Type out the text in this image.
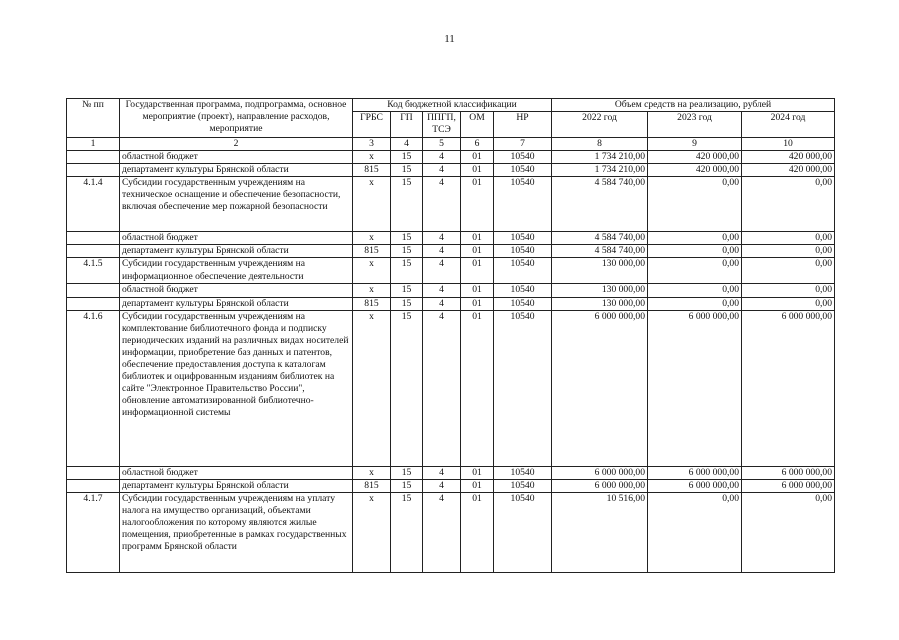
11
№ пп	Государственная программа, подпрограмма, основное мероприятие (проект), направление расходов, мероприятие	Код бюджетной классификации					Объем средств на реализацию, рублей		
		ГРБС	ГП	ППГП, ТСЭ	ОМ	НР	2022 год	2023 год	2024 год
1	2	3	4	5	6	7	8	9	10
	областной бюджет	х	15	4	01	10540	1 734 210,00	420 000,00	420 000,00
	департамент культуры Брянской области	815	15	4	01	10540	1 734 210,00	420 000,00	420 000,00
4.1.4	Субсидии государственным учреждениям на техническое оснащение и обеспечение безопасности, включая обеспечение мер пожарной безопасности	х	15	4	01	10540	4 584 740,00	0,00	0,00
	областной бюджет	х	15	4	01	10540	4 584 740,00	0,00	0,00
	департамент культуры Брянской области	815	15	4	01	10540	4 584 740,00	0,00	0,00
4.1.5	Субсидии государственным учреждениям на информационное обеспечение деятельности	х	15	4	01	10540	130 000,00	0,00	0,00
	областной бюджет	х	15	4	01	10540	130 000,00	0,00	0,00
	департамент культуры Брянской области	815	15	4	01	10540	130 000,00	0,00	0,00
4.1.6	Субсидии государственным учреждениям на комплектование библиотечного фонда и подписку периодических изданий на различных видах носителей информации, приобретение баз данных и патентов, обеспечение предоставления доступа к каталогам библиотек и оцифрованным изданиям библиотек на сайте "Электронное Правительство России", обновление автоматизированной библиотечно-информационной системы	х	15	4	01	10540	6 000 000,00	6 000 000,00	6 000 000,00
	областной бюджет	х	15	4	01	10540	6 000 000,00	6 000 000,00	6 000 000,00
	департамент культуры Брянской области	815	15	4	01	10540	6 000 000,00	6 000 000,00	6 000 000,00
4.1.7	Субсидии государственным учреждениям на уплату налога на имущество организаций, объектами налогообложения по которому являются жилые помещения, приобретенные в рамках государственных программ Брянской области	х	15	4	01	10540	10 516,00	0,00	0,00
